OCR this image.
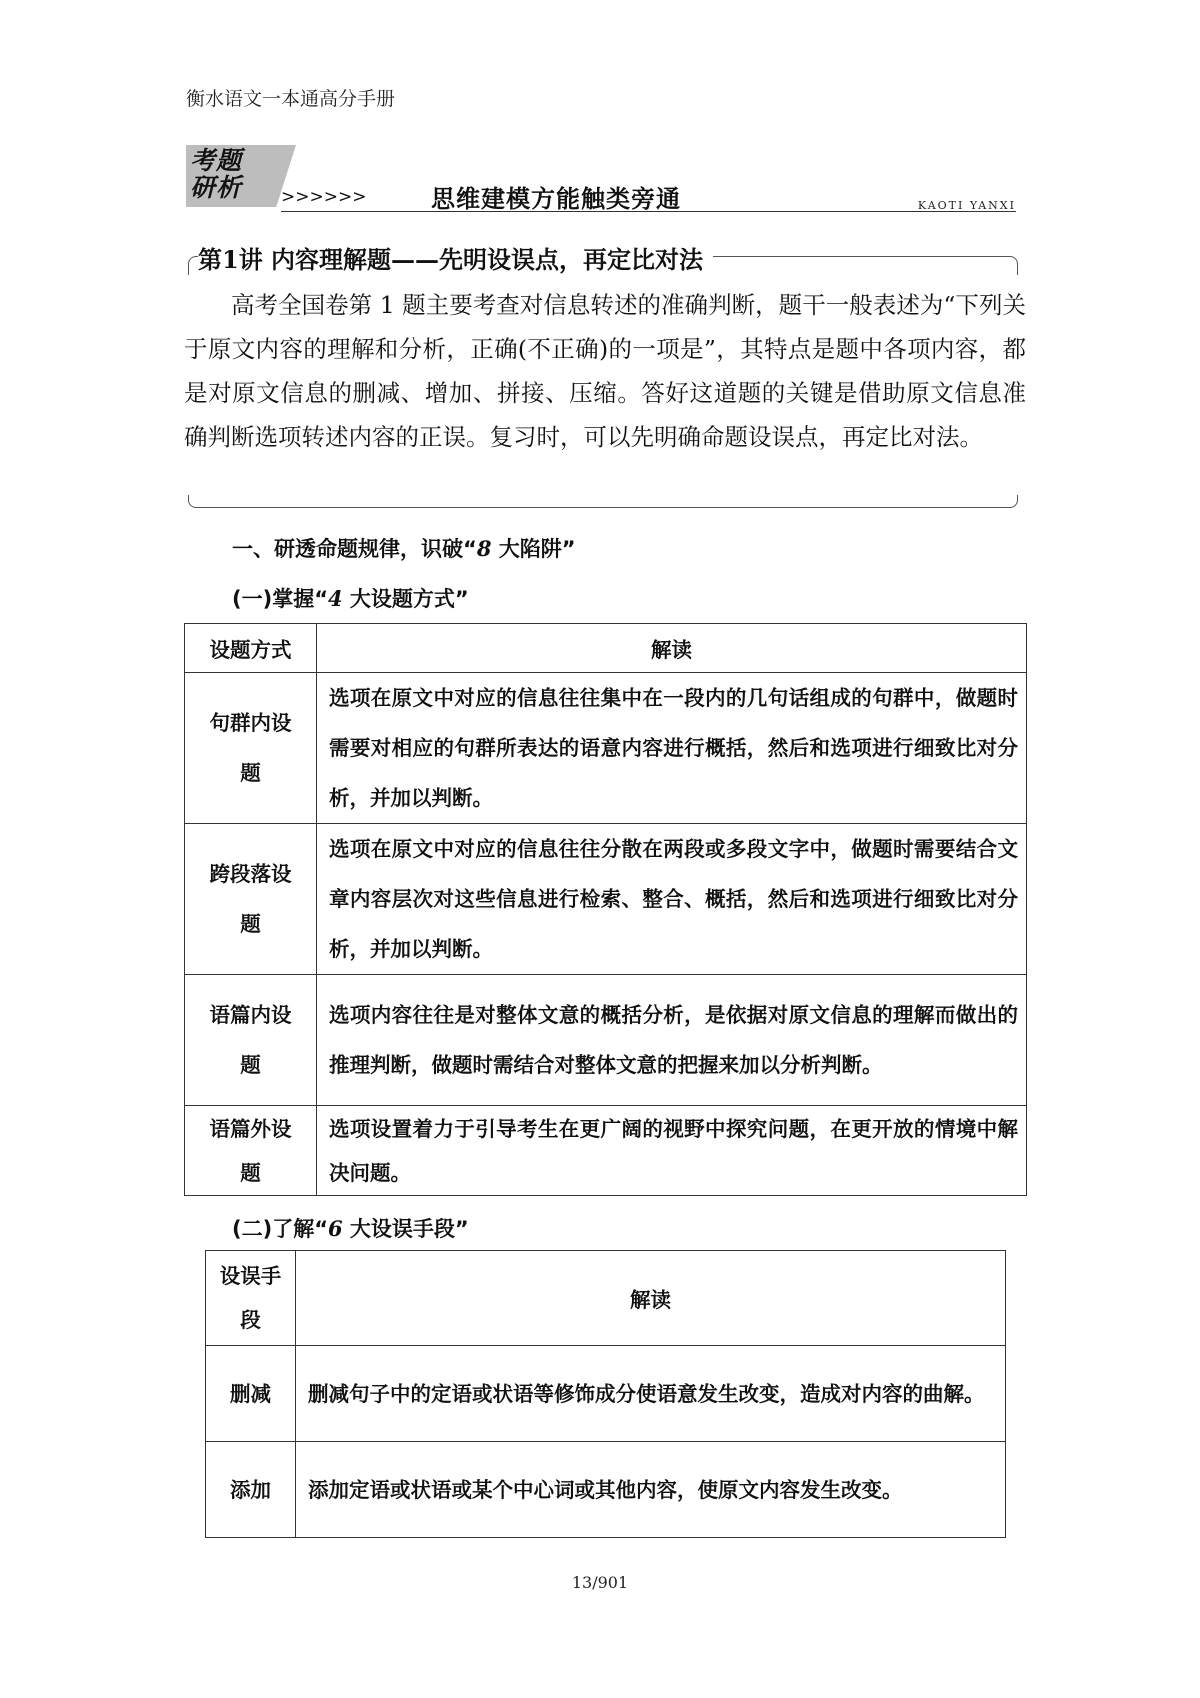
衡水语文一本通高分手册
考题
研析 >>>>>>	思维建模方能触类旁通	KAOTI YANXI
第1讲 内容理解题——先明设误点，再定比对法
高考全国卷第 1 题主要考查对信息转述的准确判断，题干一般表述为“下列关于原文内容的理解和分析，正确(不正确)的一项是”，其特点是题中各项内容，都是对原文信息的删减、增加、拼接、压缩。答好这道题的关键是借助原文信息准确判断选项转述内容的正误。复习时，可以先明确命题设误点，再定比对法。
一、研透命题规律，识破“8 大陷阱”
(一)掌握“4 大设题方式”
设题方式	解读

句群内设
题	选项在原文中对应的信息往往集中在一段内的几句话组成的句群中，做题时需要对相应的句群所表达的语意内容进行概括，然后和选项进行细致比对分析，并加以判断。

跨段落设
题	选项在原文中对应的信息往往分散在两段或多段文字中，做题时需要结合文章内容层次对这些信息进行检索、整合、概括，然后和选项进行细致比对分析，并加以判断。

语篇内设
题	选项内容往往是对整体文意的概括分析，是依据对原文信息的理解而做出的推理判断，做题时需结合对整体文意的把握来加以分析判断。

语篇外设
题	选项设置着力于引导考生在更广阔的视野中探究问题，在更开放的情境中解决问题。
(二)了解“6 大设误手段”
设误手
段	解读
删减	删减句子中的定语或状语等修饰成分使语意发生改变，造成对内容的曲解。
添加	添加定语或状语或某个中心词或其他内容，使原文内容发生改变。
13/901
